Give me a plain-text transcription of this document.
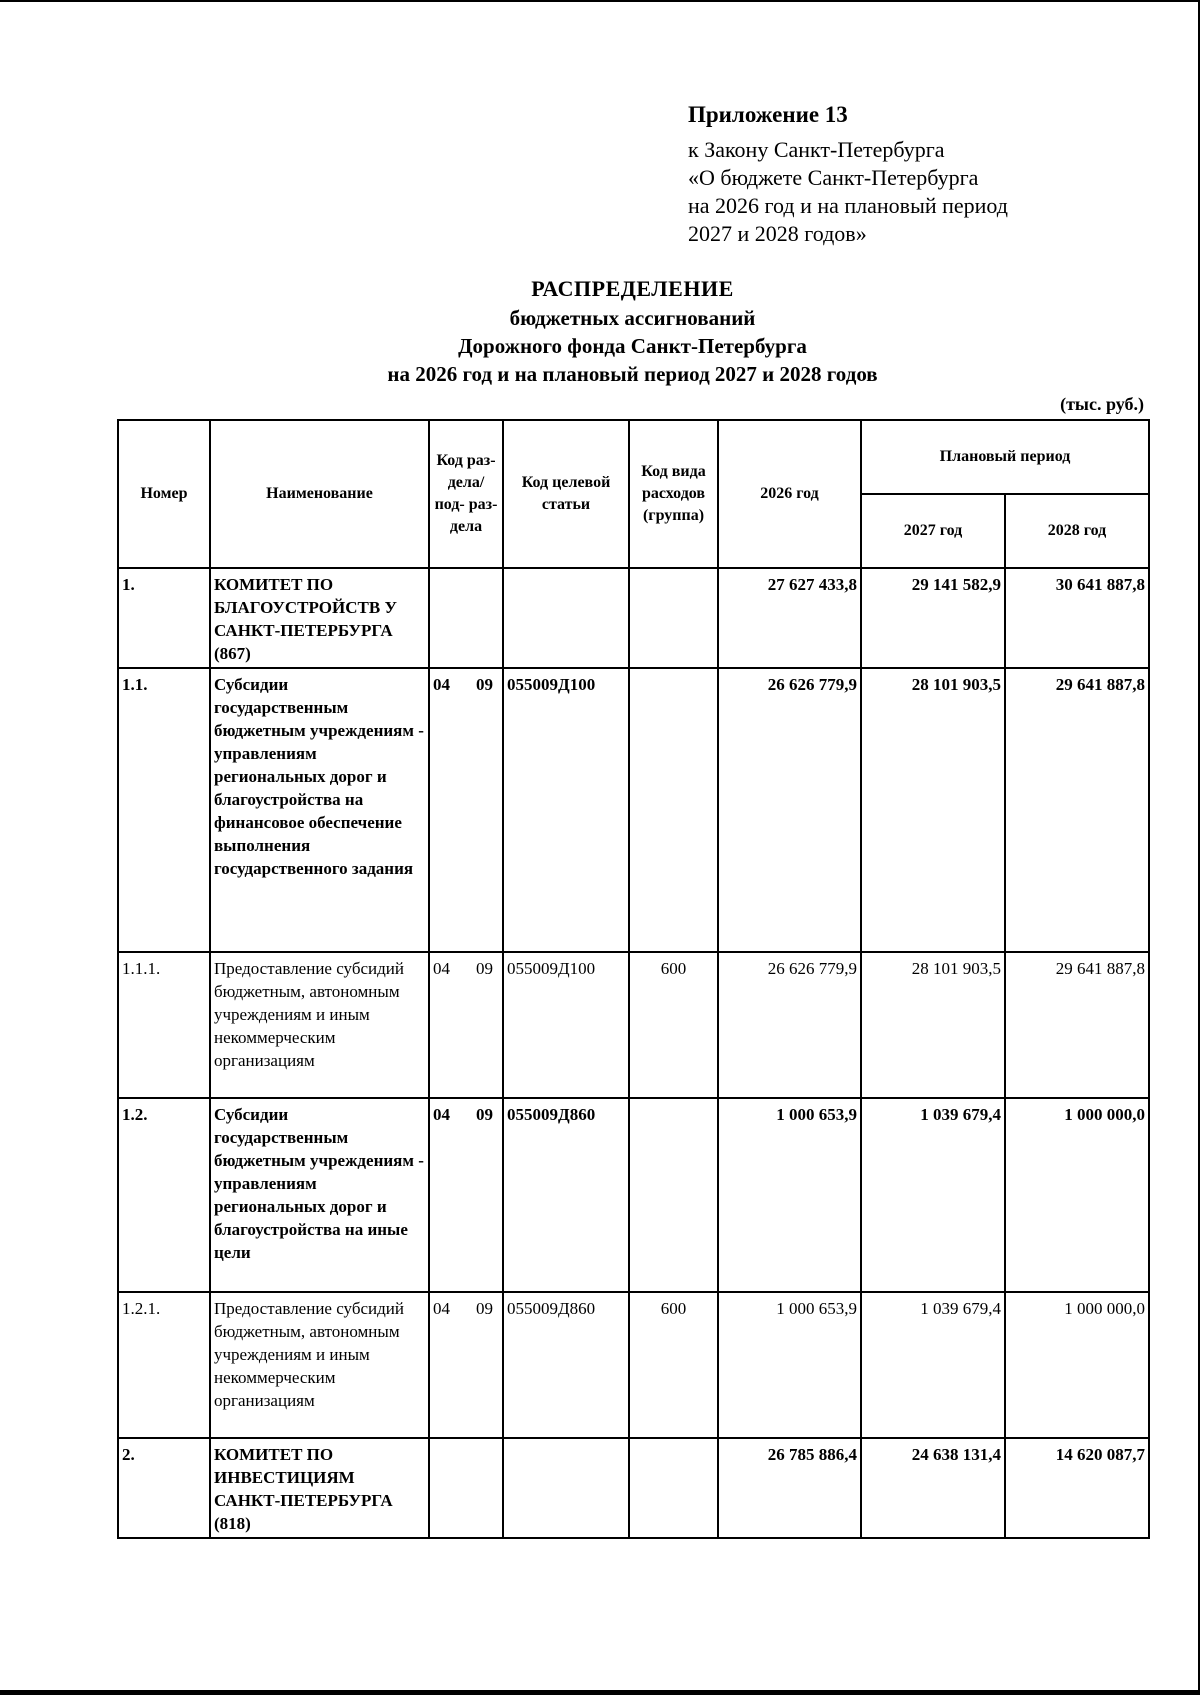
Приложение 13
к Закону Санкт-Петербурга
«О бюджете Санкт-Петербурга
на 2026 год и на плановый период
2027 и 2028 годов»
РАСПРЕДЕЛЕНИЕ
бюджетных ассигнований
Дорожного фонда Санкт-Петербурга
на 2026 год и на плановый период 2027 и 2028 годов
(тыс. руб.)
Номер	Наименование	Код раз- дела/ под- раз- дела	Код целевой статьи	Код вида расходов (группа)	2026 год	Плановый период	
						2027 год	2028 год
1.	КОМИТЕТ ПО БЛАГОУСТРОЙСТВ У САНКТ-ПЕТЕРБУРГА (867)				27 627 433,8	29 141 582,9	30 641 887,8
1.1.	Субсидии государственным бюджетным учреждениям - управлениям региональных дорог и благоустройства на финансовое обеспечение выполнения государственного задания	04 09	055009Д100		26 626 779,9	28 101 903,5	29 641 887,8
1.1.1.	Предоставление субсидий бюджетным, автономным учреждениям и иным некоммерческим организациям	04 09	055009Д100	600	26 626 779,9	28 101 903,5	29 641 887,8
1.2.	Субсидии государственным бюджетным учреждениям - управлениям региональных дорог и благоустройства на иные цели	04 09	055009Д860		1 000 653,9	1 039 679,4	1 000 000,0
1.2.1.	Предоставление субсидий бюджетным, автономным учреждениям и иным некоммерческим организациям	04 09	055009Д860	600	1 000 653,9	1 039 679,4	1 000 000,0
2.	КОМИТЕТ ПО ИНВЕСТИЦИЯМ САНКТ-ПЕТЕРБУРГА (818)				26 785 886,4	24 638 131,4	14 620 087,7
